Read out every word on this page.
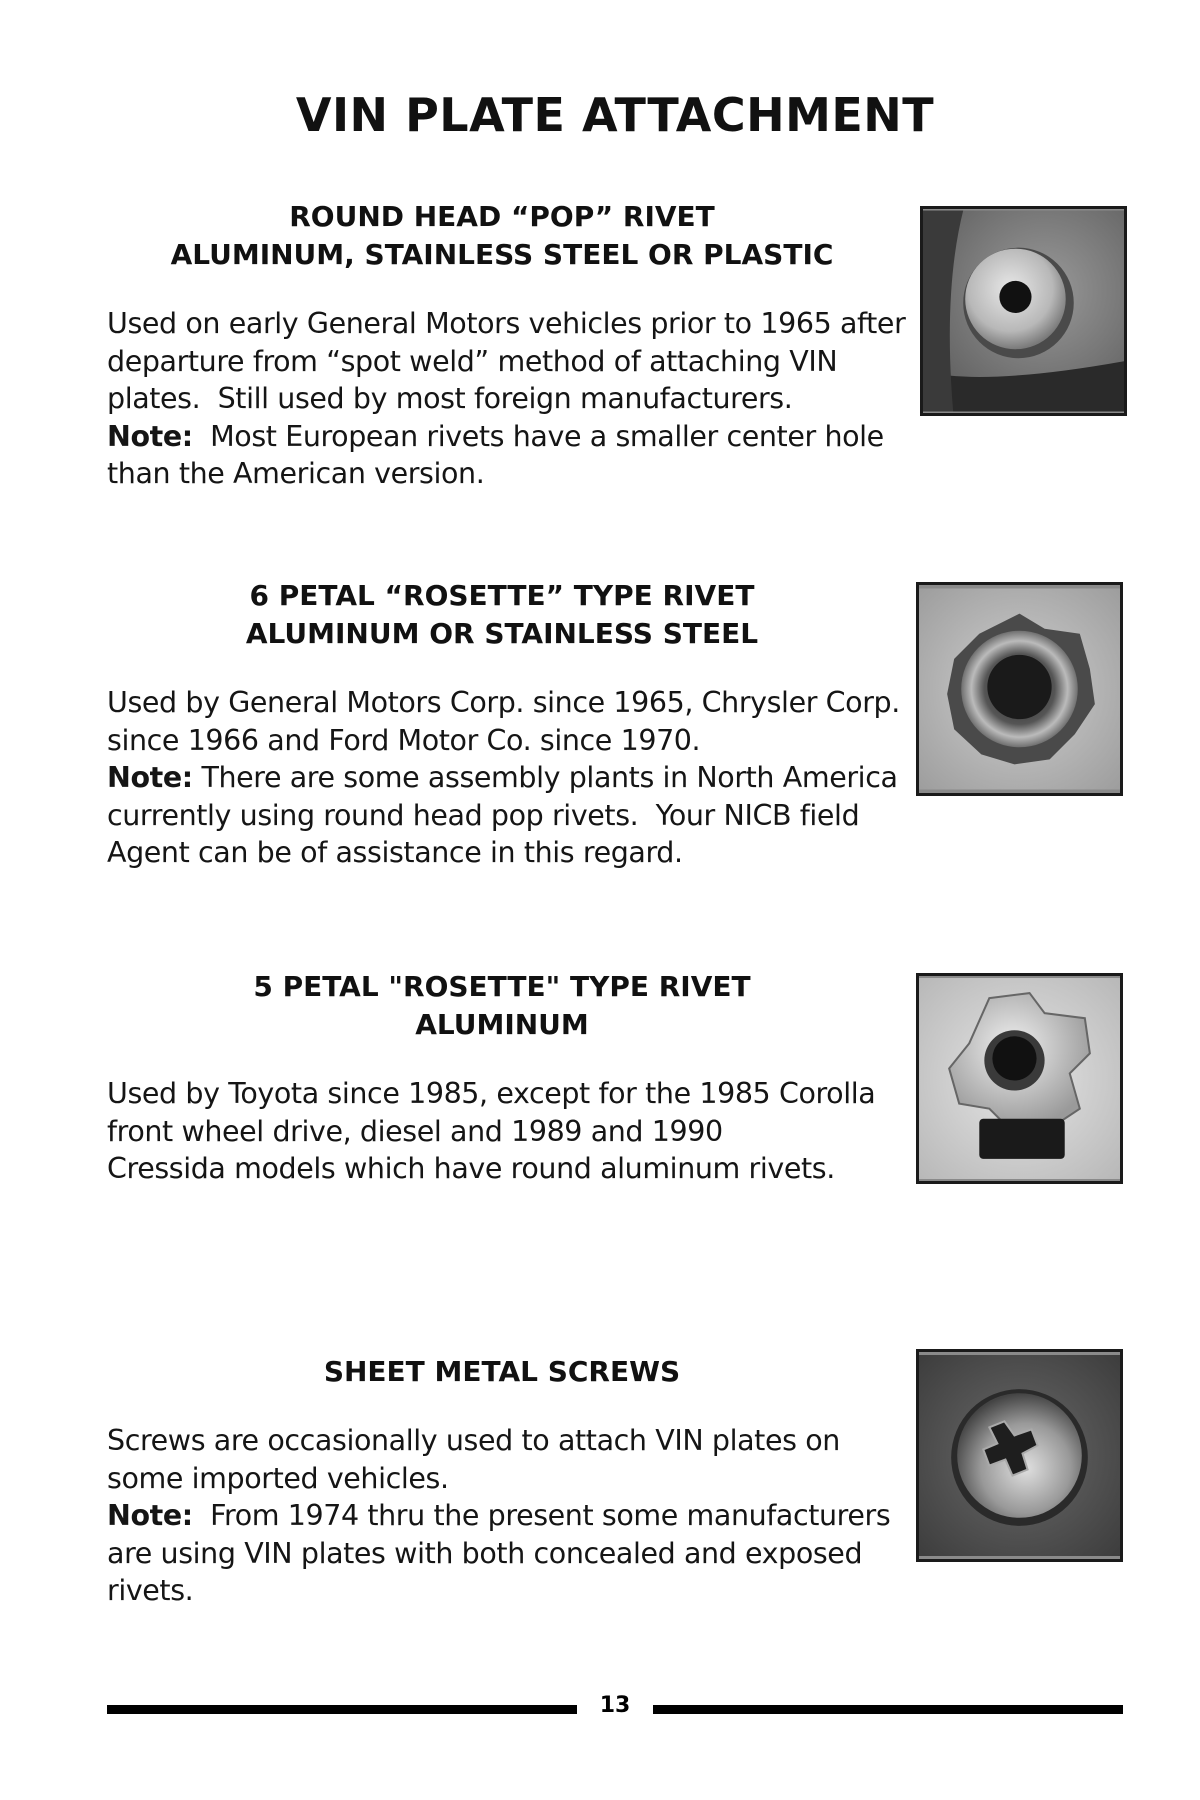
VIN PLATE ATTACHMENT

ROUND HEAD “POP” RIVET
ALUMINUM, STAINLESS STEEL OR PLASTIC

Used on early General Motors vehicles prior to 1965 after
departure from “spot weld” method of attaching VIN
plates.  Still used by most foreign manufacturers.
Note:  Most European rivets have a smaller center hole
than the American version.

6 PETAL “ROSETTE” TYPE RIVET
ALUMINUM OR STAINLESS STEEL

Used by General Motors Corp. since 1965, Chrysler Corp.
since 1966 and Ford Motor Co. since 1970.
Note: There are some assembly plants in North America
currently using round head pop rivets.  Your NICB field
Agent can be of assistance in this regard.

5 PETAL "ROSETTE" TYPE RIVET
ALUMINUM

Used by Toyota since 1985, except for the 1985 Corolla
front wheel drive, diesel and 1989 and 1990
Cressida models which have round aluminum rivets.

SHEET METAL SCREWS

Screws are occasionally used to attach VIN plates on
some imported vehicles.
Note:  From 1974 thru the present some manufacturers
are using VIN plates with both concealed and exposed
rivets.
13
